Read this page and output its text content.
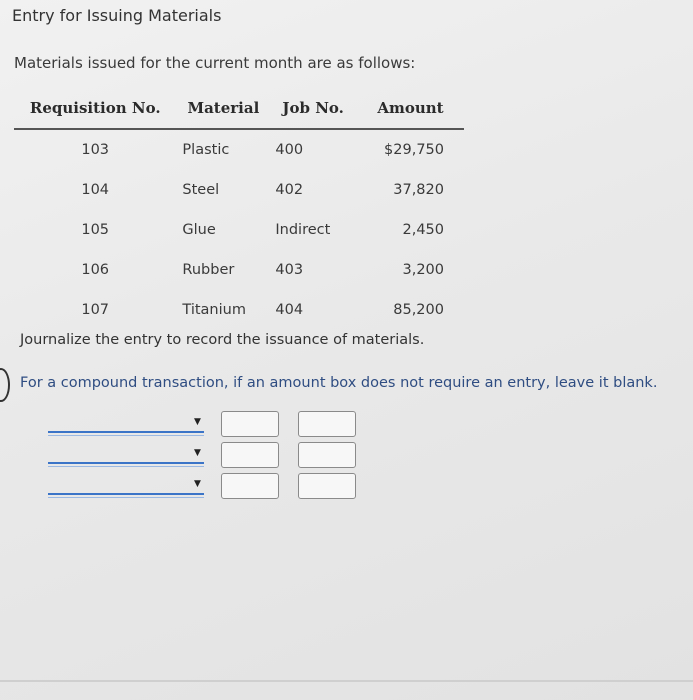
Entry for Issuing Materials
Materials issued for the current month are as follows:
Requisition No.	Material	Job No.	Amount
103	Plastic	400	$29,750
104	Steel	402	37,820
105	Glue	Indirect	2,450
106	Rubber	403	3,200
107	Titanium	404	85,200
Journalize the entry to record the issuance of materials.
For a compound transaction, if an amount box does not require an entry, leave it blank.
▼
▼
▼
